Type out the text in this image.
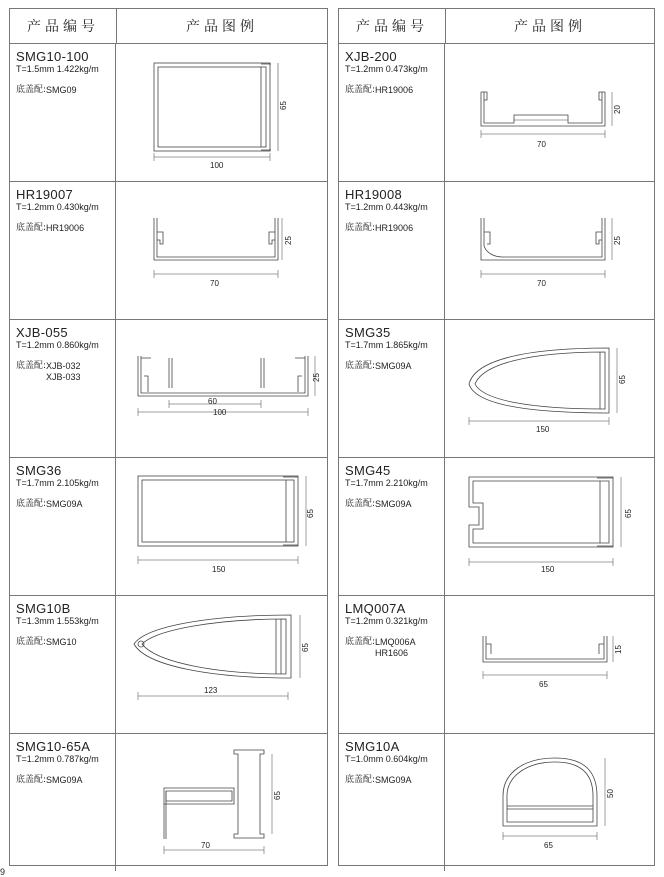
产品编号	产品图例
SMG10-100
T=1.5mm 1.422kg/m
底盖配: SMG09
100
65
HR19007
T=1.2mm 0.430kg/m
底盖配: HR19006
70
25
XJB-055
T=1.2mm 0.860kg/m
底盖配: XJB-032
XJB-033
60
100
25
SMG36
T=1.7mm 2.105kg/m
底盖配: SMG09A
150
65
SMG10B
T=1.3mm 1.553kg/m
底盖配: SMG10
123
65
SMG10-65A
T=1.2mm 0.787kg/m
底盖配: SMG09A
70
65
产品编号	产品图例
XJB-200
T=1.2mm 0.473kg/m
底盖配: HR19006
70
20
HR19008
T=1.2mm 0.443kg/m
底盖配: HR19006
70
25
SMG35
T=1.7mm 1.865kg/m
底盖配: SMG09A
150
65
SMG45
T=1.7mm 2.210kg/m
底盖配: SMG09A
150
65
LMQ007A
T=1.2mm 0.321kg/m
底盖配: LMQ006A
HR1606
65
15
SMG10A
T=1.0mm 0.604kg/m
底盖配: SMG09A
65
50
9
